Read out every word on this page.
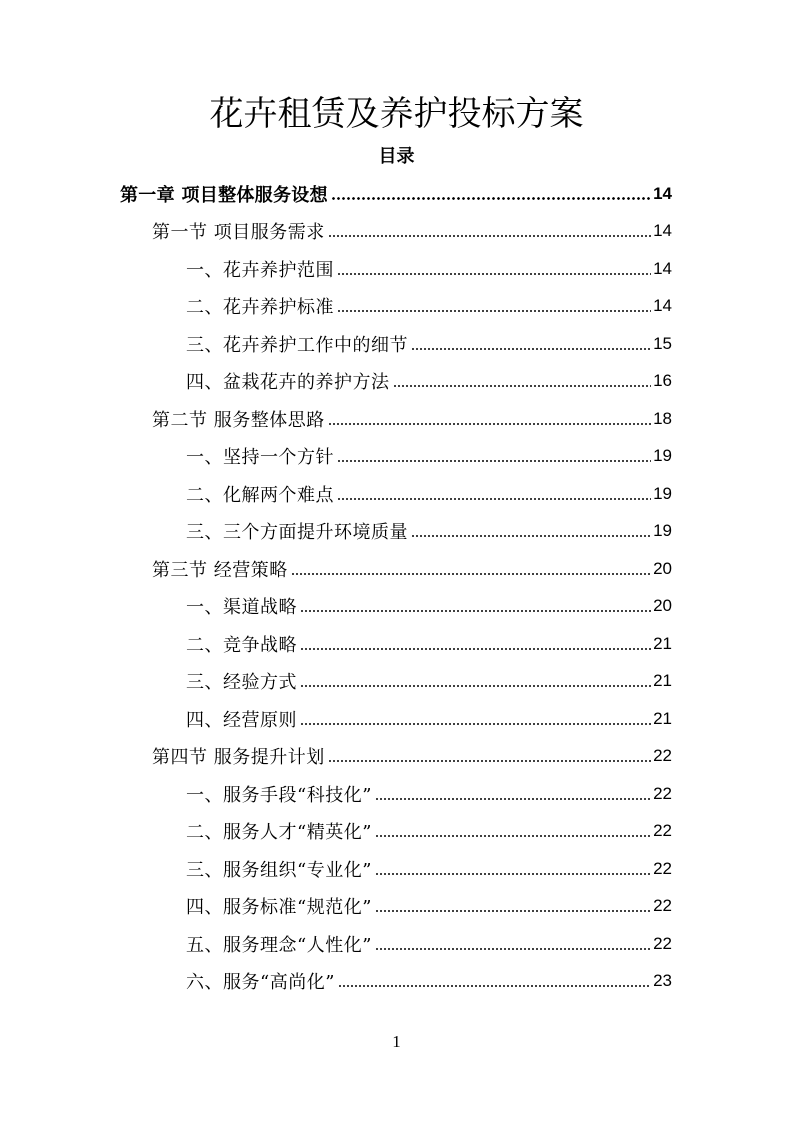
花卉租赁及养护投标方案
目录
第一章 项目整体服务设想	14
第一节 项目服务需求	14
一、花卉养护范围	14
二、花卉养护标准	14
三、花卉养护工作中的细节	15
四、盆栽花卉的养护方法	16
第二节 服务整体思路	18
一、坚持一个方针	19
二、化解两个难点	19
三、三个方面提升环境质量	19
第三节 经营策略	20
一、渠道战略	20
二、竞争战略	21
三、经验方式	21
四、经营原则	21
第四节 服务提升计划	22
一、服务手段“科技化”	22
二、服务人才“精英化”	22
三、服务组织“专业化”	22
四、服务标准“规范化”	22
五、服务理念“人性化”	22
六、服务“高尚化”	23
1
